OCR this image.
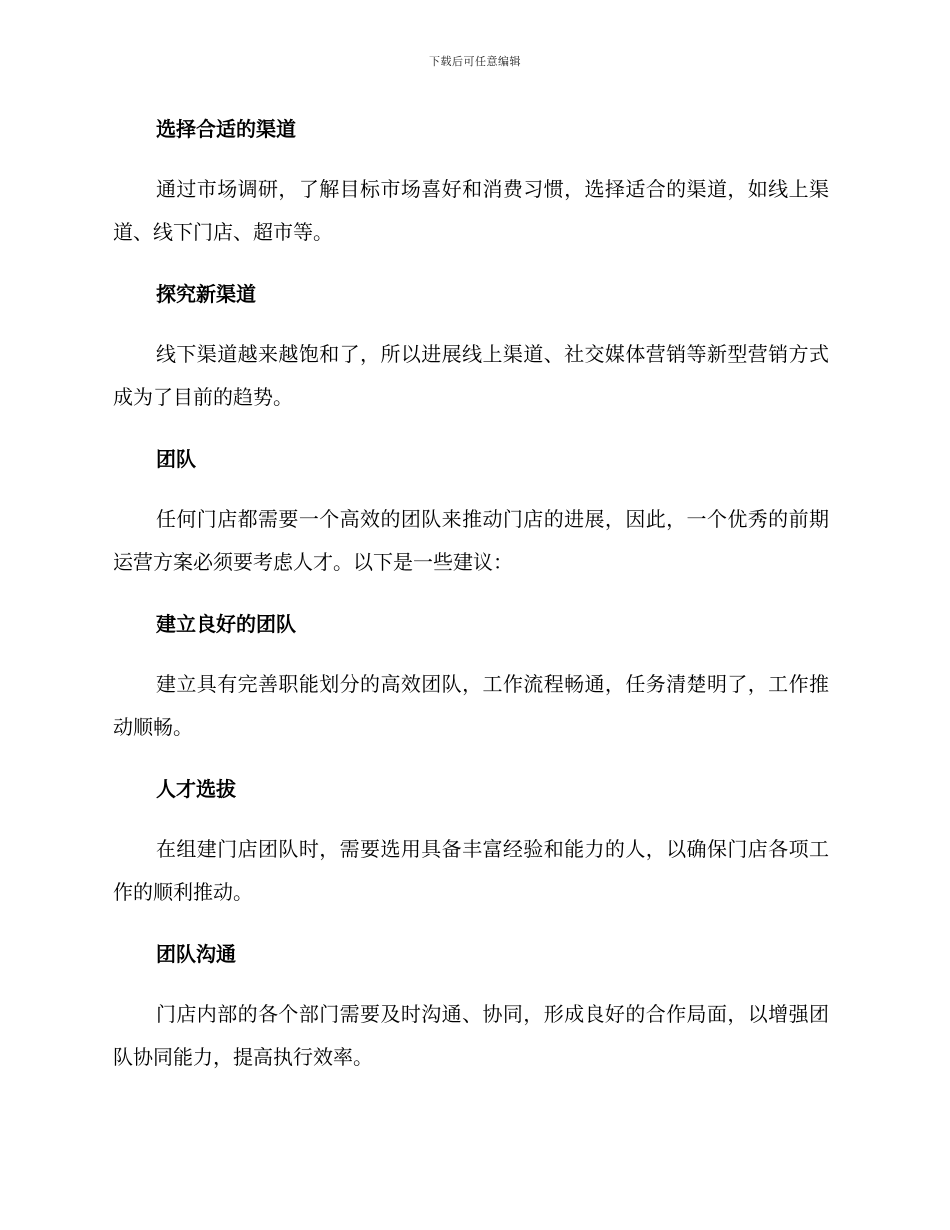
下载后可任意编辑
选择合适的渠道

通过市场调研，了解目标市场喜好和消费习惯，选择适合的渠道，如线上渠道、线下门店、超市等。

探究新渠道

线下渠道越来越饱和了，所以进展线上渠道、社交媒体营销等新型营销方式成为了目前的趋势。

团队

任何门店都需要一个高效的团队来推动门店的进展，因此，一个优秀的前期运营方案必须要考虑人才。以下是一些建议：

建立良好的团队

建立具有完善职能划分的高效团队，工作流程畅通，任务清楚明了，工作推动顺畅。

人才选拔

在组建门店团队时，需要选用具备丰富经验和能力的人，以确保门店各项工作的顺利推动。

团队沟通

门店内部的各个部门需要及时沟通、协同，形成良好的合作局面，以增强团队协同能力，提高执行效率。
